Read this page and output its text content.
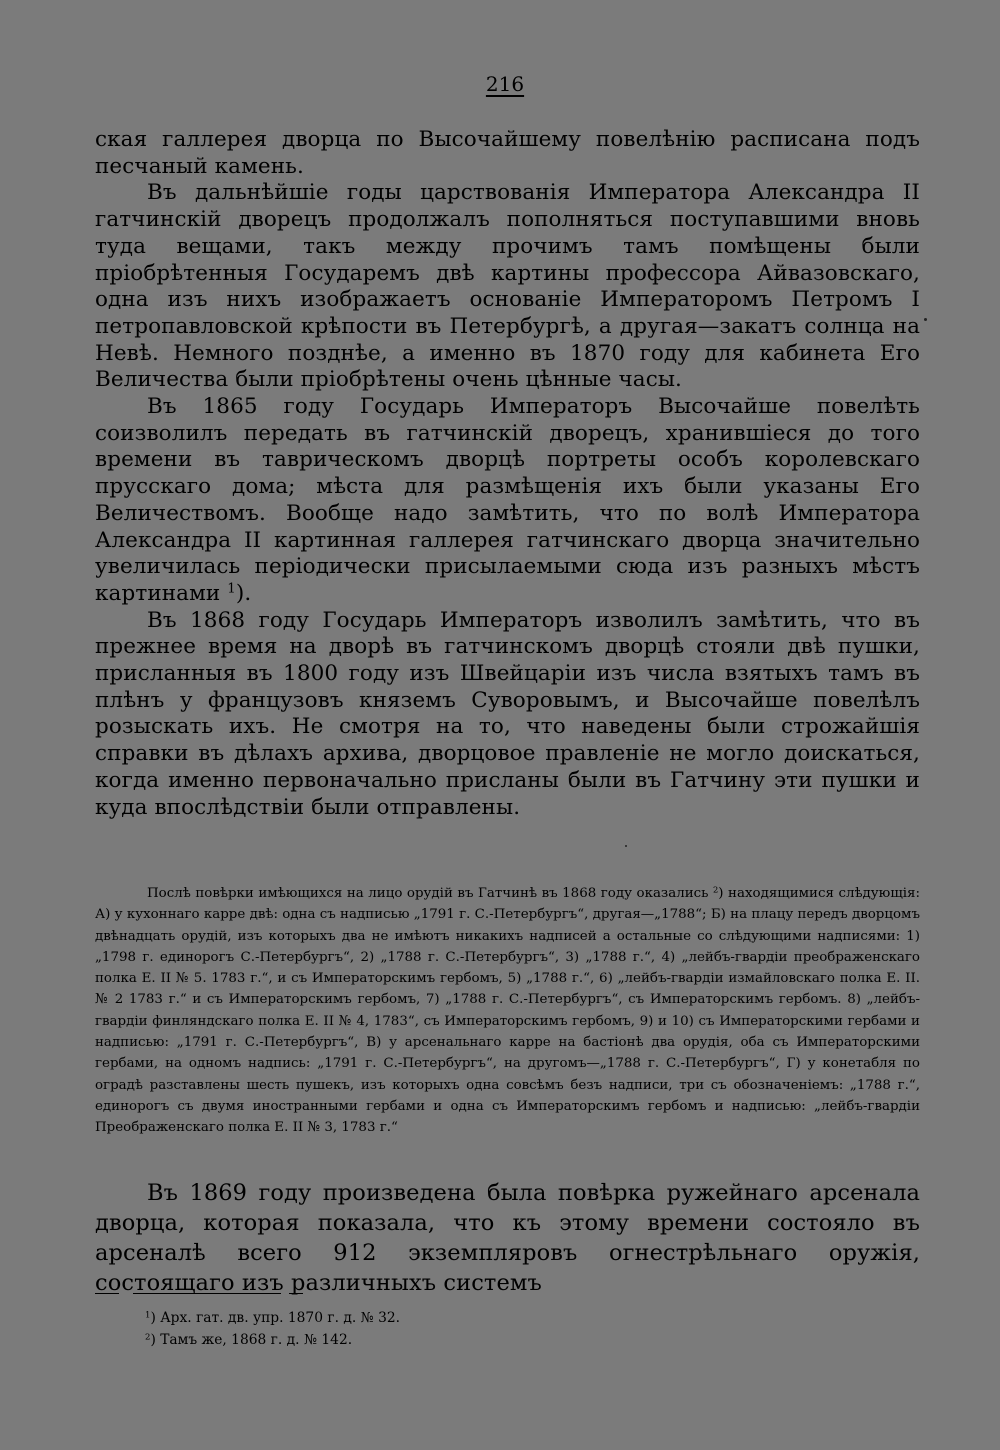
216

ская галлерея дворца по Высочайшему повелѣнію расписана подъ песчаный камень.

Въ дальнѣйшіе годы царствованія Императора Александра II гатчинскій дворецъ продолжалъ пополняться поступавшими вновь туда вещами, такъ между прочимъ тамъ помѣщены были пріобрѣтенныя Государемъ двѣ картины профессора Айвазовскаго, одна изъ нихъ изображаетъ основаніе Императоромъ Петромъ I петропавловской крѣпости въ Петербургѣ, а другая—закатъ солнца на Невѣ. Немного позднѣе, а именно въ 1870 году для кабинета Его Величества были пріобрѣтены очень цѣнные часы.

Въ 1865 году Государь Императоръ Высочайше повелѣть соизволилъ передать въ гатчинскій дворецъ, хранившіеся до того времени въ таврическомъ дворцѣ портреты особъ королевскаго прусскаго дома; мѣста для размѣщенія ихъ были указаны Его Величествомъ. Вообще надо замѣтить, что по волѣ Императора Александра II картинная галлерея гатчинскаго дворца значительно увеличилась періодически присылаемыми сюда изъ разныхъ мѣстъ картинами $^1$).

Въ 1868 году Государь Императоръ изволилъ замѣтить, что въ прежнее время на дворѣ въ гатчинскомъ дворцѣ стояли двѣ пушки, присланныя въ 1800 году изъ Швейцаріи изъ числа взятыхъ тамъ въ плѣнъ у французовъ княземъ Суворовымъ, и Высочайше повелѣлъ розыскать ихъ. Не смотря на то, что наведены были строжайшія справки въ дѣлахъ архива, дворцовое правленіе не могло доискаться, когда именно первоначально присланы были въ Гатчину эти пушки и куда впослѣдствіи были отправлены.

Послѣ повѣрки имѣющихся на лицо орудій въ Гатчинѣ въ 1868 году оказались $^2$) находящимися слѣдующія: А) у кухоннаго карре двѣ: одна съ надписью „1791 г. С.-Петербургъ“, другая—„1788“; Б) на плацу передъ дворцомъ двѣнадцать орудій, изъ которыхъ два не имѣютъ никакихъ надписей а остальные со слѣдующими надписями: 1) „1798 г. единорогъ С.-Петербургъ“, 2) „1788 г. С.-Петербургъ“, 3) „1788 г.“, 4) „лейбъ-гвардіи преображенскаго полка Е. II № 5. 1783 г.“, и съ Императорскимъ гербомъ, 5) „1788 г.“, 6) „лейбъ-гвардіи измайловскаго полка Е. II. № 2 1783 г.“ и съ Императорскимъ гербомъ, 7) „1788 г. С.-Петербургъ“, съ Императорскимъ гербомъ. 8) „лейбъ-гвардіи финляндскаго полка Е. II № 4, 1783“, съ Императорскимъ гербомъ, 9) и 10) съ Императорскими гербами и надписью: „1791 г. С.-Петербургъ“, В) у арсенальнаго карре на бастіонѣ два орудія, оба съ Императорскими гербами, на одномъ надпись: „1791 г. С.-Петербургъ“, на другомъ—„1788 г. С.-Петербургъ“, Г) у конетабля по оградѣ разставлены шесть пушекъ, изъ которыхъ одна совсѣмъ безъ надписи, три съ обозначеніемъ: „1788 г.“, единорогъ съ двумя иностранными гербами и одна съ Императорскимъ гербомъ и надписью: „лейбъ-гвардіи Преображенскаго полка Е. II № 3, 1783 г.“

Въ 1869 году произведена была повѣрка ружейнаго арсенала дворца, которая показала, что къ этому времени состояло въ арсеналѣ всего 912 экземпляровъ огнестрѣльнаго оружія, состоящаго изъ различныхъ системъ

$^1$) Арх. гат. дв. упр. 1870 г. д. № 32.

$^2$) Тамъ же, 1868 г. д. № 142.
